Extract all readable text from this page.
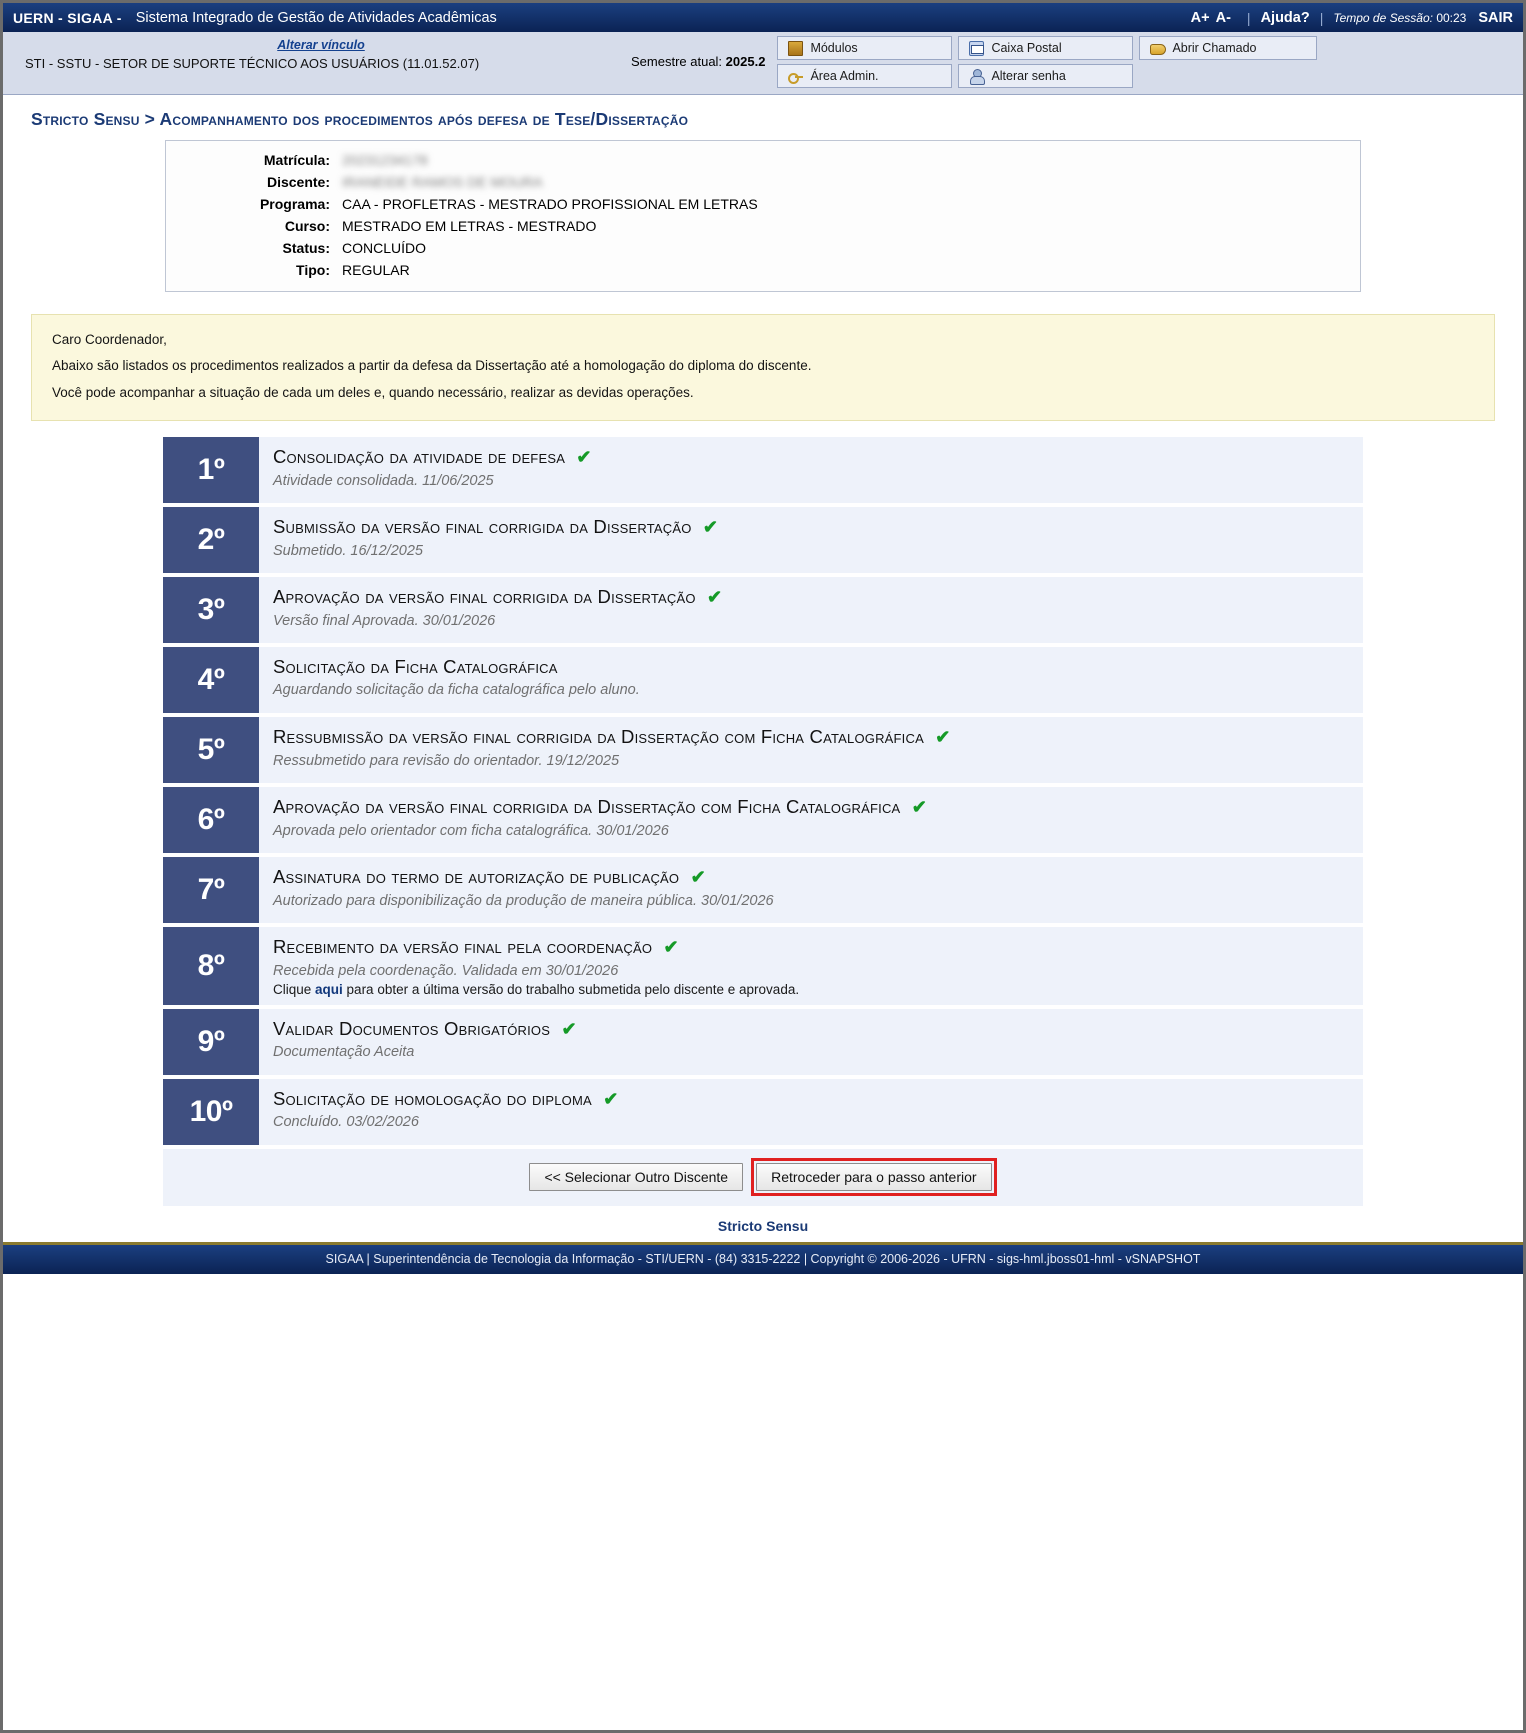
UERN - SIGAA - Sistema Integrado de Gestão de Atividades Acadêmicas	A+ A- | Ajuda? | Tempo de Sessão: 00:23 SAIR
Alterar vínculo
STI - SSTU - SETOR DE SUPORTE TÉCNICO AOS USUÁRIOS (11.01.52.07)	Semestre atual: 2025.2
Módulos	Caixa Postal	Abrir Chamado
Área Admin.	Alterar senha
Stricto Sensu > Acompanhamento dos procedimentos após defesa de Tese/Dissertação
Matrícula:	20231234178
Discente:	IRANEIDE RAMOS DE MOURA
Programa:	CAA - PROFLETRAS - MESTRADO PROFISSIONAL EM LETRAS
Curso:	MESTRADO EM LETRAS - MESTRADO
Status:	CONCLUÍDO
Tipo:	REGULAR
Caro Coordenador,
Abaixo são listados os procedimentos realizados a partir da defesa da Dissertação até a homologação do diploma do discente.
Você pode acompanhar a situação de cada um deles e, quando necessário, realizar as devidas operações.
1º	Consolidação da atividade de defesa ✔
Atividade consolidada. 11/06/2025
2º	Submissão da versão final corrigida da Dissertação ✔
Submetido. 16/12/2025
3º	Aprovação da versão final corrigida da Dissertação ✔
Versão final Aprovada. 30/01/2026
4º	Solicitação da Ficha Catalográfica
Aguardando solicitação da ficha catalográfica pelo aluno.
5º	Ressubmissão da versão final corrigida da Dissertação com Ficha Catalográfica ✔
Ressubmetido para revisão do orientador. 19/12/2025
6º	Aprovação da versão final corrigida da Dissertação com Ficha Catalográfica ✔
Aprovada pelo orientador com ficha catalográfica. 30/01/2026
7º	Assinatura do termo de autorização de publicação ✔
Autorizado para disponibilização da produção de maneira pública. 30/01/2026
8º
Recebimento da versão final pela coordenação ✔
Recebida pela coordenação. Validada em 30/01/2026
Clique aqui para obter a última versão do trabalho submetida pelo discente e aprovada.
9º	Validar Documentos Obrigatórios ✔
Documentação Aceita
10º	Solicitação de homologação do diploma ✔
Concluído. 03/02/2026
<< Selecionar Outro Discente	Retroceder para o passo anterior
Stricto Sensu
SIGAA | Superintendência de Tecnologia da Informação - STI/UERN - (84) 3315-2222 | Copyright © 2006-2026 - UFRN - sigs-hml.jboss01-hml - vSNAPSHOT
